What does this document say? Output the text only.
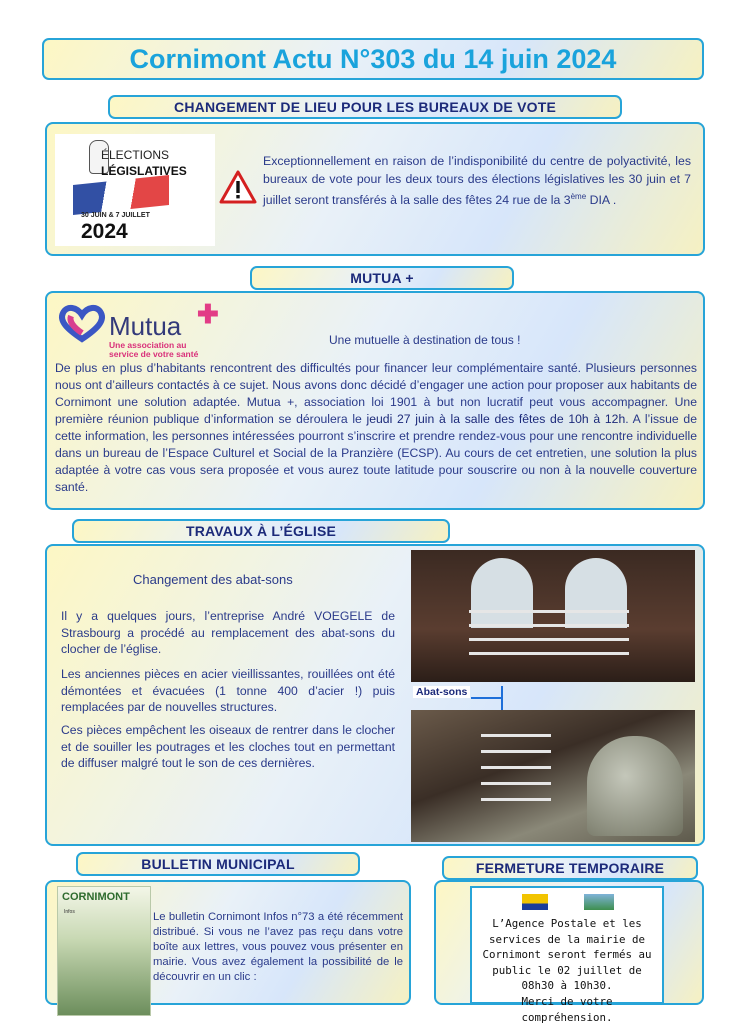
Cornimont Actu N°303 du 14 juin 2024
CHANGEMENT DE LIEU POUR LES BUREAUX DE VOTE
ÉLECTIONS
LÉGISLATIVES
30 JUIN & 7 JUILLET
2024

Exceptionnellement en raison de l’indisponibilité du centre de polyactivité, les bureaux de vote pour les deux tours des élections législatives les 30 juin et 7 juillet seront transférés à la salle des fêtes 24 rue de la 3ème DIA .

MUTUA +
Mutua ✚
Une association au
service de votre santé
Une mutuelle à destination de tous !

De plus en plus d’habitants rencontrent des difficultés pour financer leur complémentaire santé. Plusieurs personnes nous ont d’ailleurs contactés à ce sujet. Nous avons donc décidé d’engager une action pour proposer aux habitants de Cornimont une solution adaptée. Mutua +, association loi 1901 à but non lucratif peut vous accompagner. Une première réunion publique d’information se déroulera le jeudi 27 juin à la salle des fêtes de 10h à 12h. A l’issue de cette information, les personnes intéressées pourront s’inscrire et prendre rendez-vous pour une rencontre individuelle dans un bureau de l’Espace Culturel et Social de la Pranzière (ECSP). Au cours de cet entretien, une solution la plus adaptée à votre cas vous sera proposée et vous aurez toute latitude pour souscrire ou non à la nouvelle couverture santé.

TRAVAUX À L’ÉGLISE
Changement des abat-sons

Il y a quelques jours, l’entreprise André VOEGELE de Strasbourg a procédé au remplacement des abat-sons du clocher de l’église.

Les anciennes pièces en acier vieillissantes, rouillées ont été démontées et évacuées (1 tonne 400 d’acier !) puis remplacées par de nouvelles structures.

Ces pièces empêchent les oiseaux de rentrer dans le clocher et de souiller les poutrages et les cloches tout en permettant de diffuser malgré tout le son de ces dernières.

Abat-sons
BULLETIN MUNICIPAL
CORNIMONT
Infos	Le bulletin Cornimont Infos n°73 a été récemment distribué. Si vous ne l’avez pas reçu dans votre boîte aux lettres, vous pouvez vous présenter en mairie. Vous avez également la possibilité de le découvrir en un clic :

FERMETURE TEMPORAIRE

L’Agence Postale et les services de la mairie de Cornimont seront fermés au public le 02 juillet de 08h30 à 10h30.
Merci de votre compréhension.
